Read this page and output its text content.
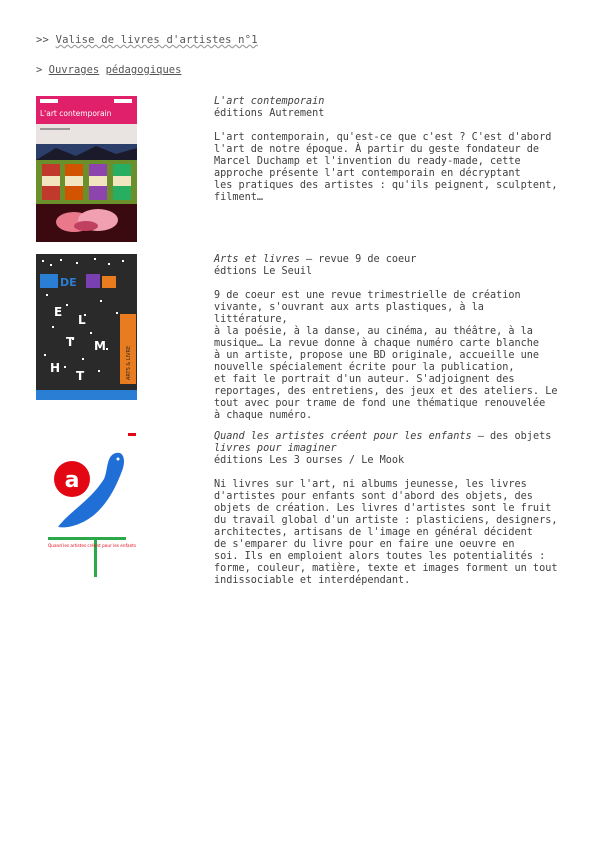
>> Valise de livres d'artistes n°1
> Ouvrages pédagogiques
L'art contemporain
L'art contemporain
éditions Autrement
L'art contemporain, qu'est-ce que c'est ? C'est d'abord
l'art de notre époque. À partir du geste fondateur de
Marcel Duchamp et l'invention du ready-made, cette
approche présente l'art contemporain en décryptant
les pratiques des artistes : qu'ils peignent, sculptent,
filment…
DE
E
L
T M
H
T	ARTS & LIVRE
Arts et livres – revue 9 de coeur
édtions Le Seuil
9 de coeur est une revue trimestrielle de création
vivante, s'ouvrant aux arts plastiques, à la littérature,
à la poésie, à la danse, au cinéma, au théâtre, à la
musique… La revue donne à chaque numéro carte blanche
à un artiste, propose une BD originale, accueille une
nouvelle spécialement écrite pour la publication,
et fait le portrait d'un auteur. S'adjoignent des
reportages, des entretiens, des jeux et des ateliers. Le
tout avec pour trame de fond une thématique renouvelée
à chaque numéro.
a
Quand les artistes créent pour les enfants
Quand les artistes créent pour les enfants – des objets
livres pour imaginer
éditions Les 3 ourses / Le Mook
Ni livres sur l'art, ni albums jeunesse, les livres
d'artistes pour enfants sont d'abord des objets, des
objets de création. Les livres d'artistes sont le fruit
du travail global d'un artiste : plasticiens, designers,
architectes, artisans de l'image en général décident
de s'emparer du livre pour en faire une oeuvre en
soi. Ils en emploient alors toutes les potentialités :
forme, couleur, matière, texte et images forment un tout
indissociable et interdépendant.
